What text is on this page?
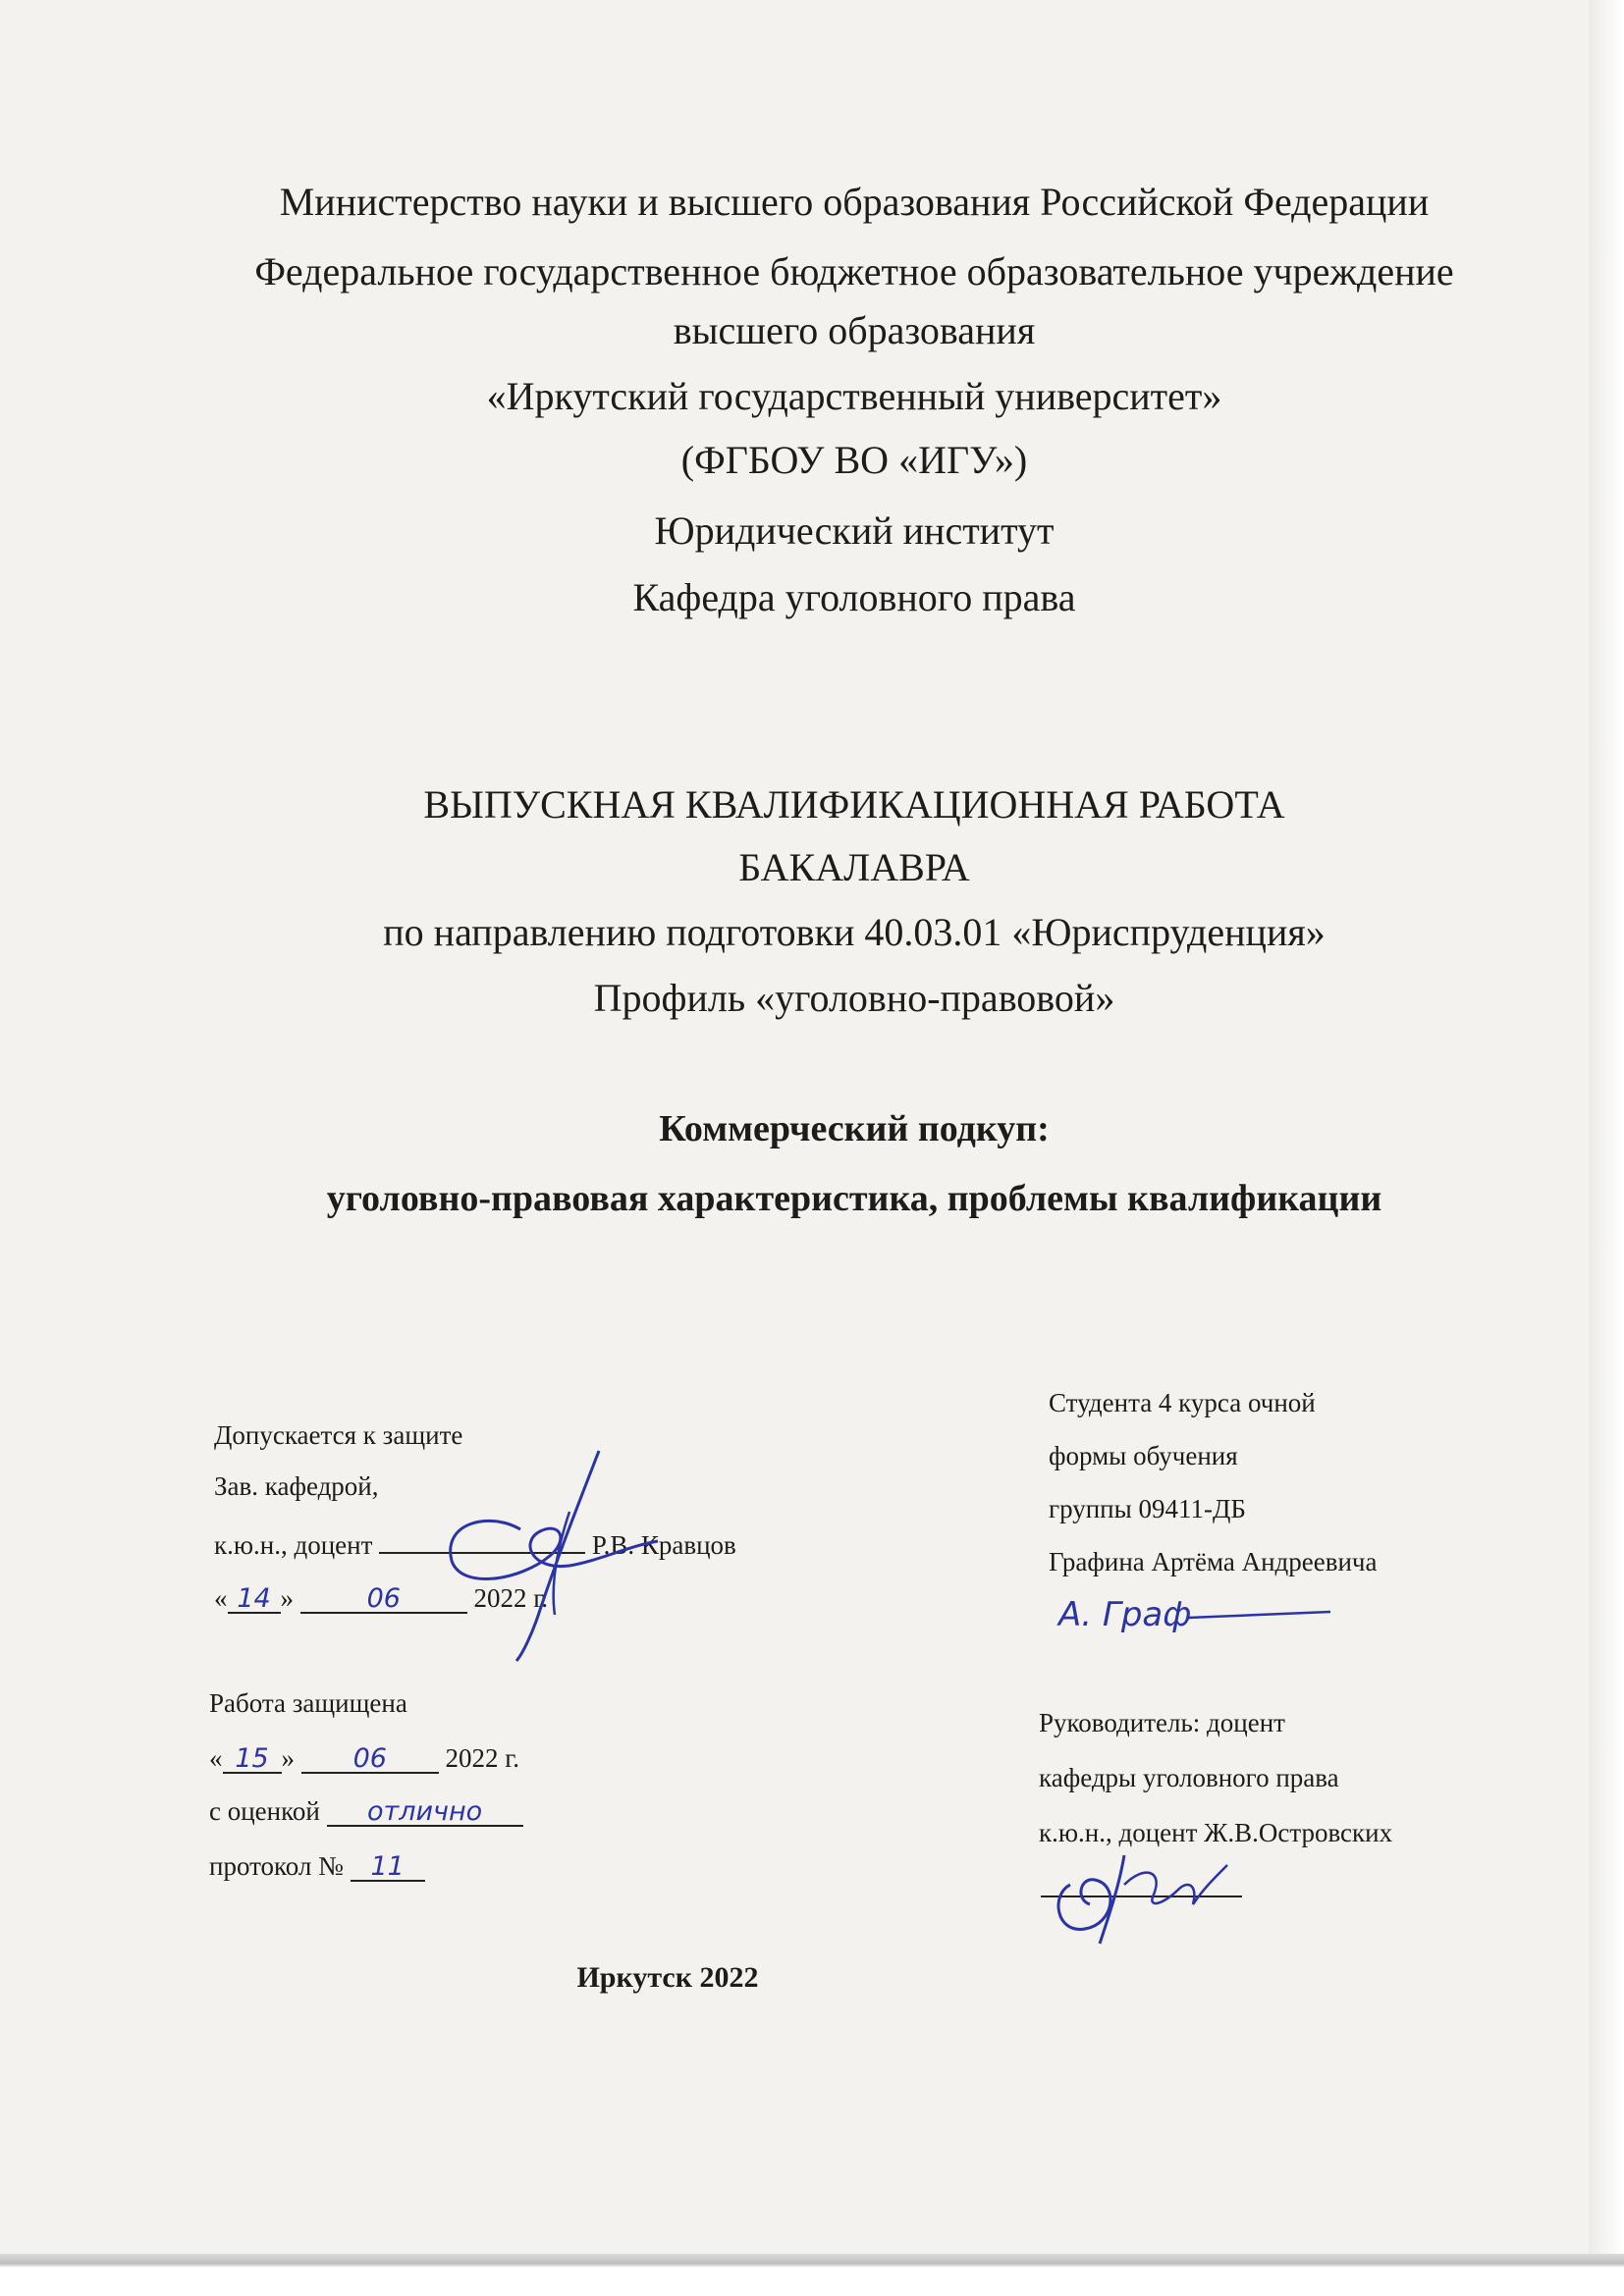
Министерство науки и высшего образования Российской Федерации
Федеральное государственное бюджетное образовательное учреждение
высшего образования
«Иркутский государственный университет»
(ФГБОУ ВО «ИГУ»)
Юридический институт
Кафедра уголовного права
ВЫПУСКНАЯ КВАЛИФИКАЦИОННАЯ РАБОТА
БАКАЛАВРА
по направлению подготовки 40.03.01 «Юриспруденция»
Профиль «уголовно-правовой»
Коммерческий подкуп:
уголовно-правовая характеристика, проблемы квалификации
Допускается к защите
Зав. кафедрой,
к.ю.н., доцент	Р.В. Кравцов
« 14 »	06	2022 г.
Работа защищена
« 15 » 06 2022 г.
с оценкой отлично
протокол № 11
Студента 4 курса очной
формы обучения
группы 09411-ДБ
Графина Артёма Андреевича
А. Граф
Руководитель: доцент
кафедры уголовного права
к.ю.н., доцент Ж.В.Островских
Иркутск 2022
